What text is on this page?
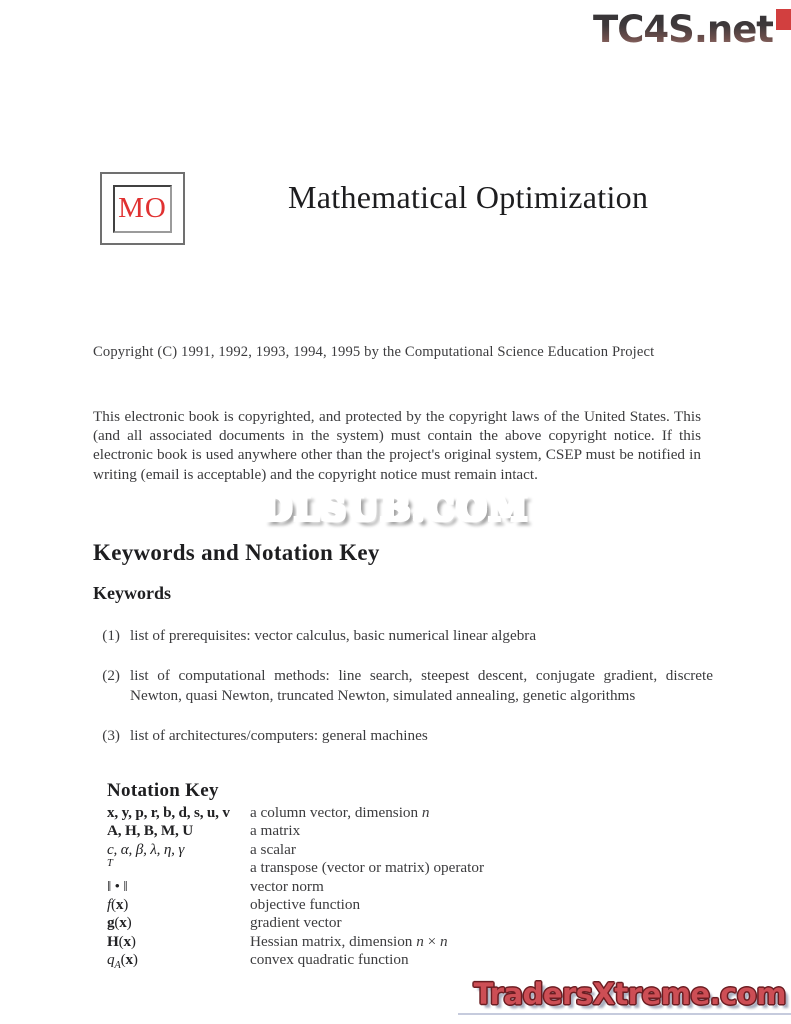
TC4S.net
MO	Mathematical Optimization

Copyright (C) 1991, 1992, 1993, 1994, 1995 by the Computational Science Education Project

This electronic book is copyrighted, and protected by the copyright laws of the United States. This (and all associated documents in the system) must contain the above copyright notice. If this electronic book is used anywhere other than the project's original system, CSEP must be notified in writing (email is acceptable) and the copyright notice must remain intact.

DLSUB.COM
Keywords and Notation Key
Keywords
(1) list of prerequisites: vector calculus, basic numerical linear algebra
(2) list of computational methods: line search, steepest descent, conjugate gradient, discrete Newton, quasi Newton, truncated Newton, simulated annealing, genetic algorithms
(3) list of architectures/computers: general machines
Notation Key
x, y, p, r, b, d, s, u, v	a column vector, dimension n
A, H, B, M, U	a matrix
c, α, β, λ, η, γ	a scalar
$^T$	a transpose (vector or matrix) operator
‖ • ‖	vector norm
f(x)	objective function
g(x)	gradient vector
H(x)	Hessian matrix, dimension n × n
$q_A(x)$	convex quadratic function
TradersXtreme.com
